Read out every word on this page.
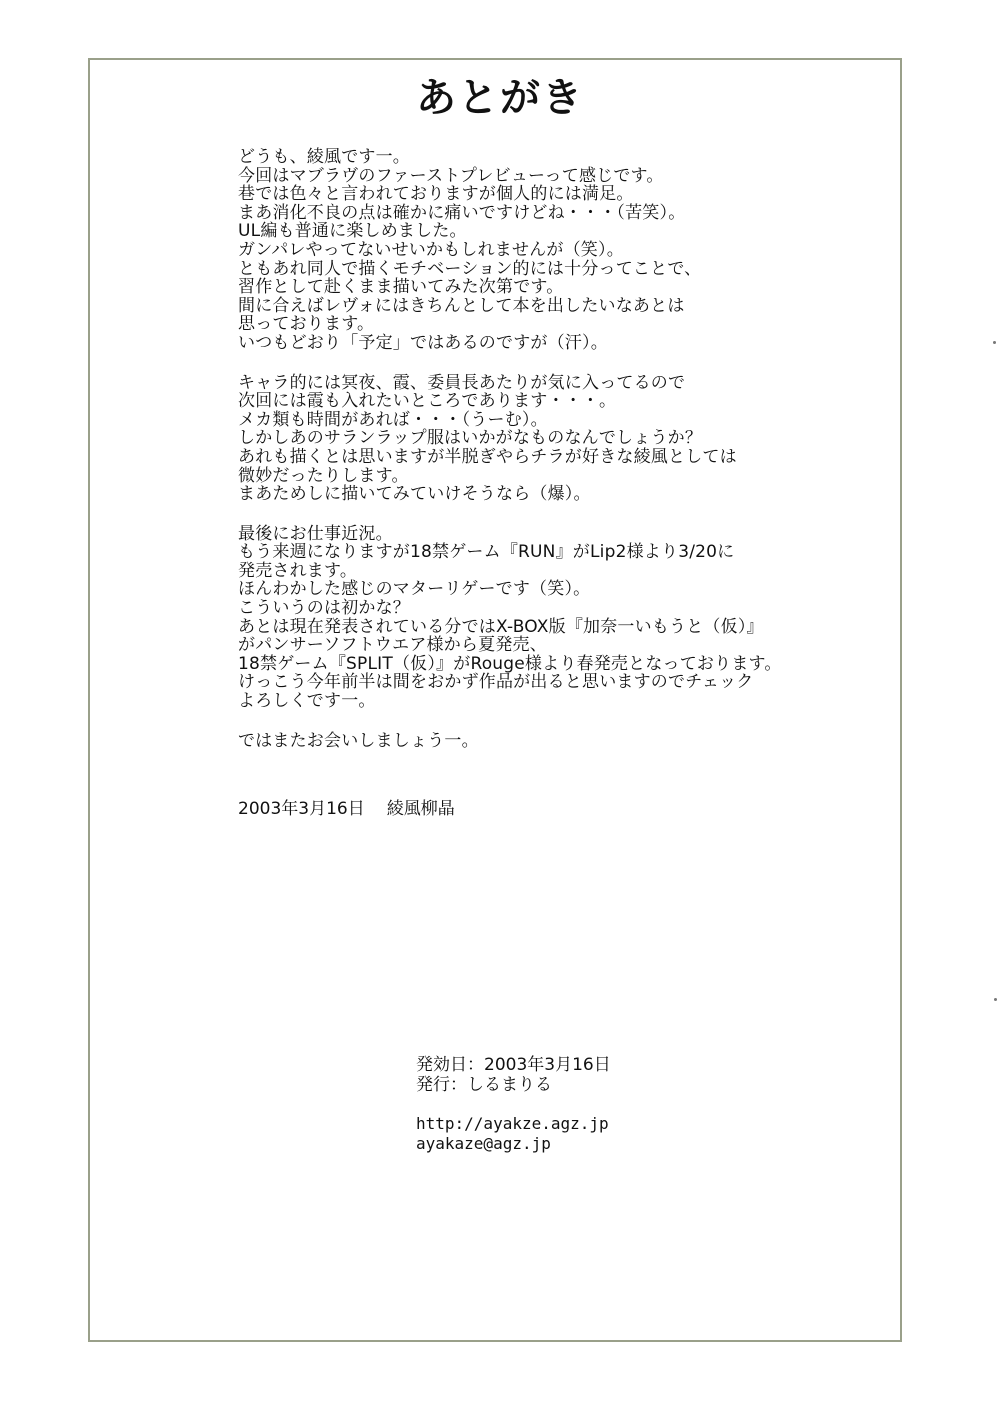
あとがき

どうも、綾風です一。
今回はマブラヴのファーストプレビューって感じです。
巷では色々と言われておりますが個人的には満足。
まあ消化不良の点は確かに痛いですけどね・・・（苦笑）。
UL編も普通に楽しめました。
ガンパレやってないせいかもしれませんが（笑）。
ともあれ同人で描くモチベーション的には十分ってことで、
習作として赴くまま描いてみた次第です。
間に合えばレヴォにはきちんとして本を出したいなあとは
思っております。
いつもどおり「予定」ではあるのですが（汗）。

キャラ的には冥夜、霞、委員長あたりが気に入ってるので
次回には霞も入れたいところであります・・・。
メカ類も時間があれば・・・（うーむ）。
しかしあのサランラップ服はいかがなものなんでしょうか？
あれも描くとは思いますが半脱ぎやらチラが好きな綾風としては
微妙だったりします。
まあためしに描いてみていけそうなら（爆）。

最後にお仕事近況。
もう来週になりますが18禁ゲーム『RUN』がLip2様より3/20に
発売されます。
ほんわかした感じのマターリゲーです（笑）。
こういうのは初かな？
あとは現在発表されている分ではX-BOX版『加奈一いもうと（仮）』
がパンサーソフトウエア様から夏発売、
18禁ゲーム『SPLIT（仮）』がRouge様より春発売となっております。
けっこう今年前半は間をおかず作品が出ると思いますのでチェック
よろしくです一。

ではまたお会いしましょう一。

2003年3月16日 綾風柳晶
発効日：2003年3月16日
発行：しるまりる
http://ayakze.agz.jp
ayakaze@agz.jp
